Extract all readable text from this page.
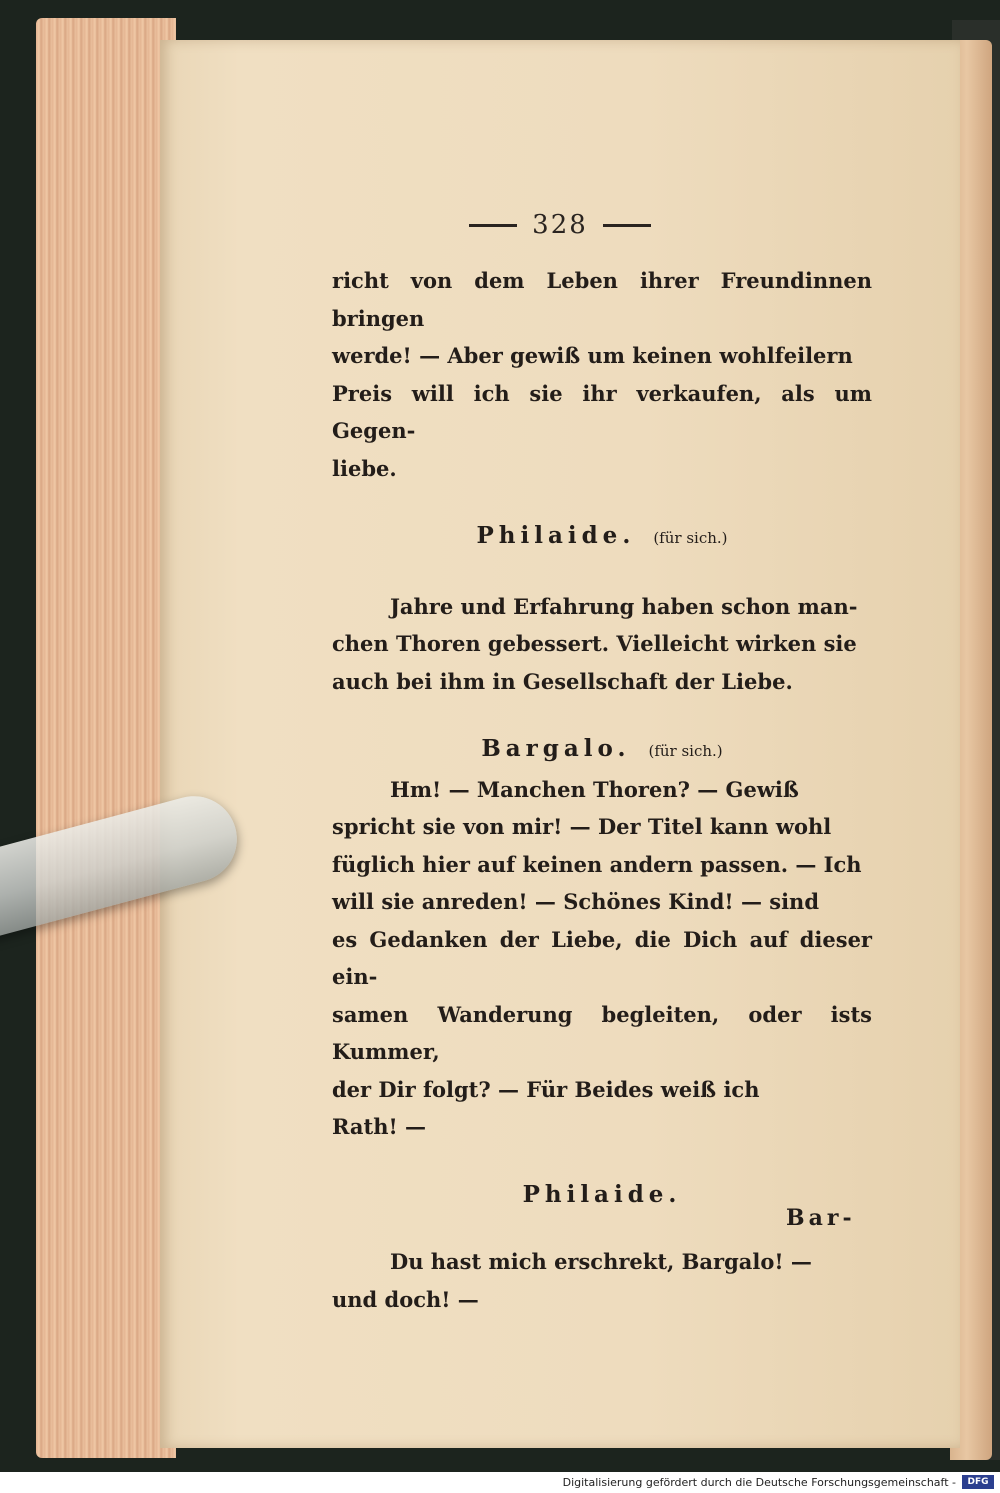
328

richt von dem Leben ihrer Freundinnen bringen
werde! — Aber gewiß um keinen wohlfeilern
Preis will ich sie ihr verkaufen, als um Gegen-
liebe.

Philaide. (für sich.)

Jahre und Erfahrung haben schon man-
chen Thoren gebessert. Vielleicht wirken sie
auch bei ihm in Gesellschaft der Liebe.

Bargalo. (für sich.)

Hm! — Manchen Thoren? — Gewiß
spricht sie von mir! — Der Titel kann wohl
füglich hier auf keinen andern passen. — Ich
will sie anreden! — Schönes Kind! — sind
es Gedanken der Liebe, die Dich auf dieser ein-
samen Wanderung begleiten, oder ists Kummer,
der Dir folgt? — Für Beides weiß ich
Rath! —

Philaide.

Du hast mich erschrekt, Bargalo! —
und doch! —

Bar-
Digitalisierung gefördert durch die Deutsche Forschungsgemeinschaft -	DFG
